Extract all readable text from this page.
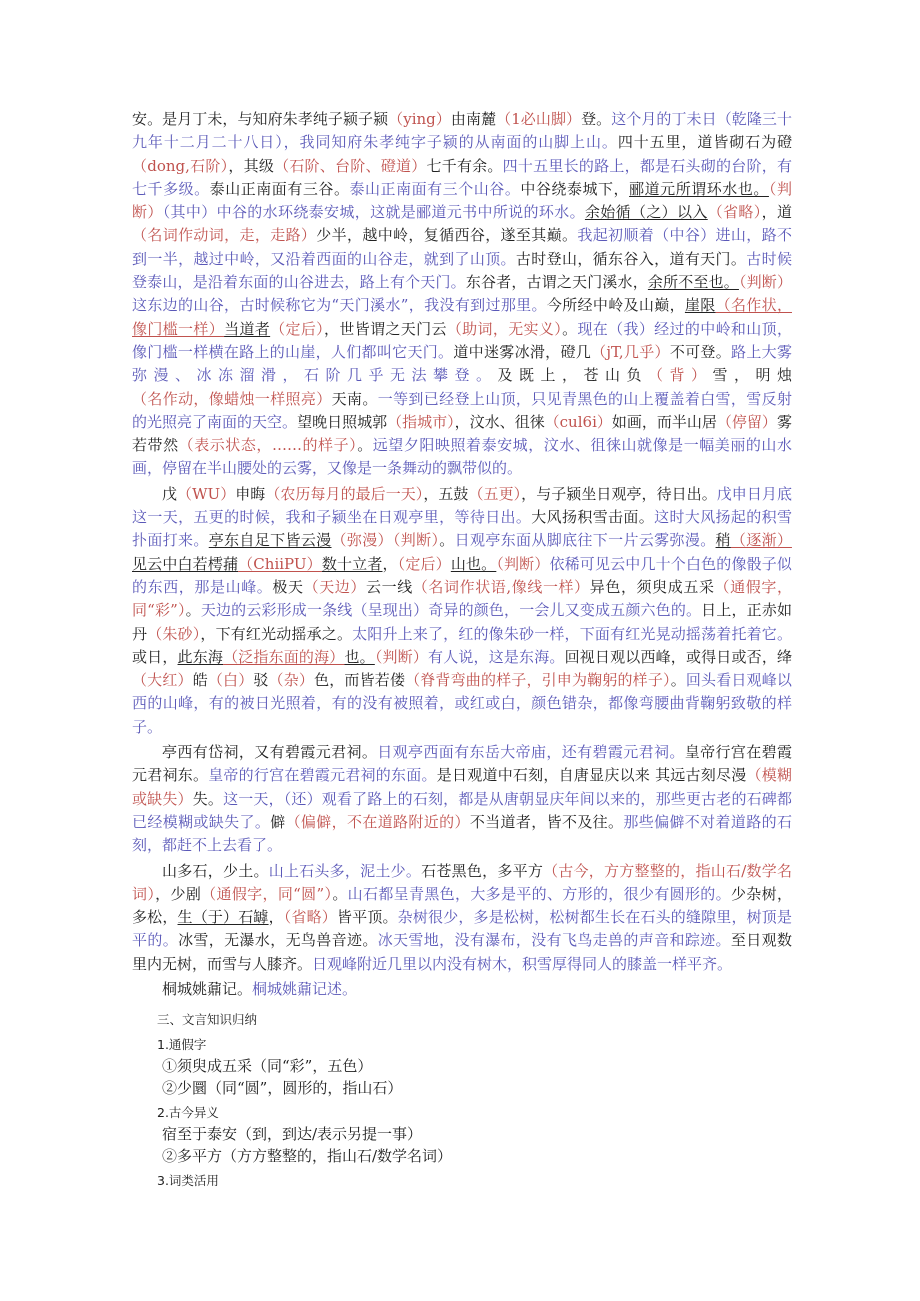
安。是月丁未，与知府朱孝纯子颍子颍（ying）由南麓（1必山脚）登。这个月的丁未日（乾隆三十九年十二月二十八日），我同知府朱孝纯字子颍的从南面的山脚上山。四十五里，道皆砌石为磴（dong,石阶），其级（石阶、台阶、磴道）七千有余。四十五里长的路上，都是石头砌的台阶，有七千多级。泰山正南面有三谷。泰山正南面有三个山谷。中谷绕泰城下，郦道元所谓环水也。（判断）（其中）中谷的水环绕泰安城，这就是郦道元书中所说的环水。余始循（之）以入（省略），道（名词作动词，走，走路）少半，越中岭，复循西谷，遂至其巅。我起初顺着（中谷）进山，路不到一半，越过中岭，又沿着西面的山谷走，就到了山顶。古时登山，循东谷入，道有天门。古时候登泰山，是沿着东面的山谷进去，路上有个天门。东谷者，古谓之天门溪水，余所不至也。（判断）这东边的山谷，古时候称它为“天门溪水”，我没有到过那里。今所经中岭及山巅，崖限（名作状，像门槛一样）当道者（定后），世皆谓之天门云（助词，无实义）。现在（我）经过的中岭和山顶，像门槛一样横在路上的山崖，人们都叫它天门。道中迷雾冰滑，磴几（jT,几乎）不可登。路上大雾弥漫、冰冻溜滑，石阶几乎无法攀登。及既上，苍山负（背）雪，明烛（名作动，像蜡烛一样照亮）天南。一等到已经登上山顶，只见青黑色的山上覆盖着白雪，雪反射的光照亮了南面的天空。望晚日照城郭（指城市），汶水、徂徕（cul6i）如画，而半山居（停留）雾若带然（表示状态，……的样子）。远望夕阳映照着泰安城，汶水、徂徕山就像是一幅美丽的山水画，停留在半山腰处的云雾，又像是一条舞动的飘带似的。

戊（WU）申晦（农历每月的最后一天），五鼓（五更），与子颍坐日观亭，待日出。戊申日月底这一天，五更的时候，我和子颍坐在日观亭里，等待日出。大风扬积雪击面。这时大风扬起的积雪扑面打来。亭东自足下皆云漫（弥漫）（判断）。日观亭东面从脚底往下一片云雾弥漫。稍（逐渐）见云中白若樗蒱（ChiiPU）数十立者，（定后）山也。（判断）依稀可见云中几十个白色的像骰子似的东西，那是山峰。极天（天边）云一线（名词作状语,像线一样）异色，须臾成五采（通假字，同“彩”）。天边的云彩形成一条线（呈现出）奇异的颜色，一会儿又变成五颜六色的。日上，正赤如丹（朱砂），下有红光动摇承之。太阳升上来了，红的像朱砂一样，下面有红光晃动摇荡着托着它。或日，此东海（泛指东面的海）也。（判断）有人说，这是东海。回视日观以西峰，或得日或否，绛（大红）皓（白）驳（杂）色，而皆若偻（脊背弯曲的样子，引申为鞠躬的样子）。回头看日观峰以西的山峰，有的被日光照着，有的没有被照着，或红或白，颜色错杂，都像弯腰曲背鞠躬致敬的样子。

亭西有岱祠，又有碧霞元君祠。日观亭西面有东岳大帝庙，还有碧霞元君祠。皇帝行宫在碧霞元君祠东。皇帝的行宫在碧霞元君祠的东面。是日观道中石刻，自唐显庆以来 其远古刻尽漫（模糊或缺失）失。这一天，（还）观看了路上的石刻，都是从唐朝显庆年间以来的，那些更古老的石碑都已经模糊或缺失了。僻（偏僻，不在道路附近的）不当道者，皆不及往。那些偏僻不对着道路的石刻，都赶不上去看了。

山多石，少土。山上石头多，泥土少。石苍黑色，多平方（古今，方方整整的，指山石/数学名词），少剧（通假字，同“圆”）。山石都呈青黑色，大多是平的、方形的，很少有圆形的。少杂树，多松，生（于）石罅，（省略）皆平顶。杂树很少，多是松树，松树都生长在石头的缝隙里，树顶是平的。冰雪，无瀑水，无鸟兽音迹。冰天雪地，没有瀑布，没有飞鸟走兽的声音和踪迹。至日观数里内无树，而雪与人膝齐。日观峰附近几里以内没有树木，积雪厚得同人的膝盖一样平齐。

桐城姚鼐记。桐城姚鼐记述。

三、文言知识归纳
1.通假字
①须臾成五采（同“彩”，五色）
②少圜（同“圆”，圆形的，指山石）
2.古今异义
宿至于泰安（到，到达/表示另提一事）
②多平方（方方整整的，指山石/数学名词）
3.词类活用
